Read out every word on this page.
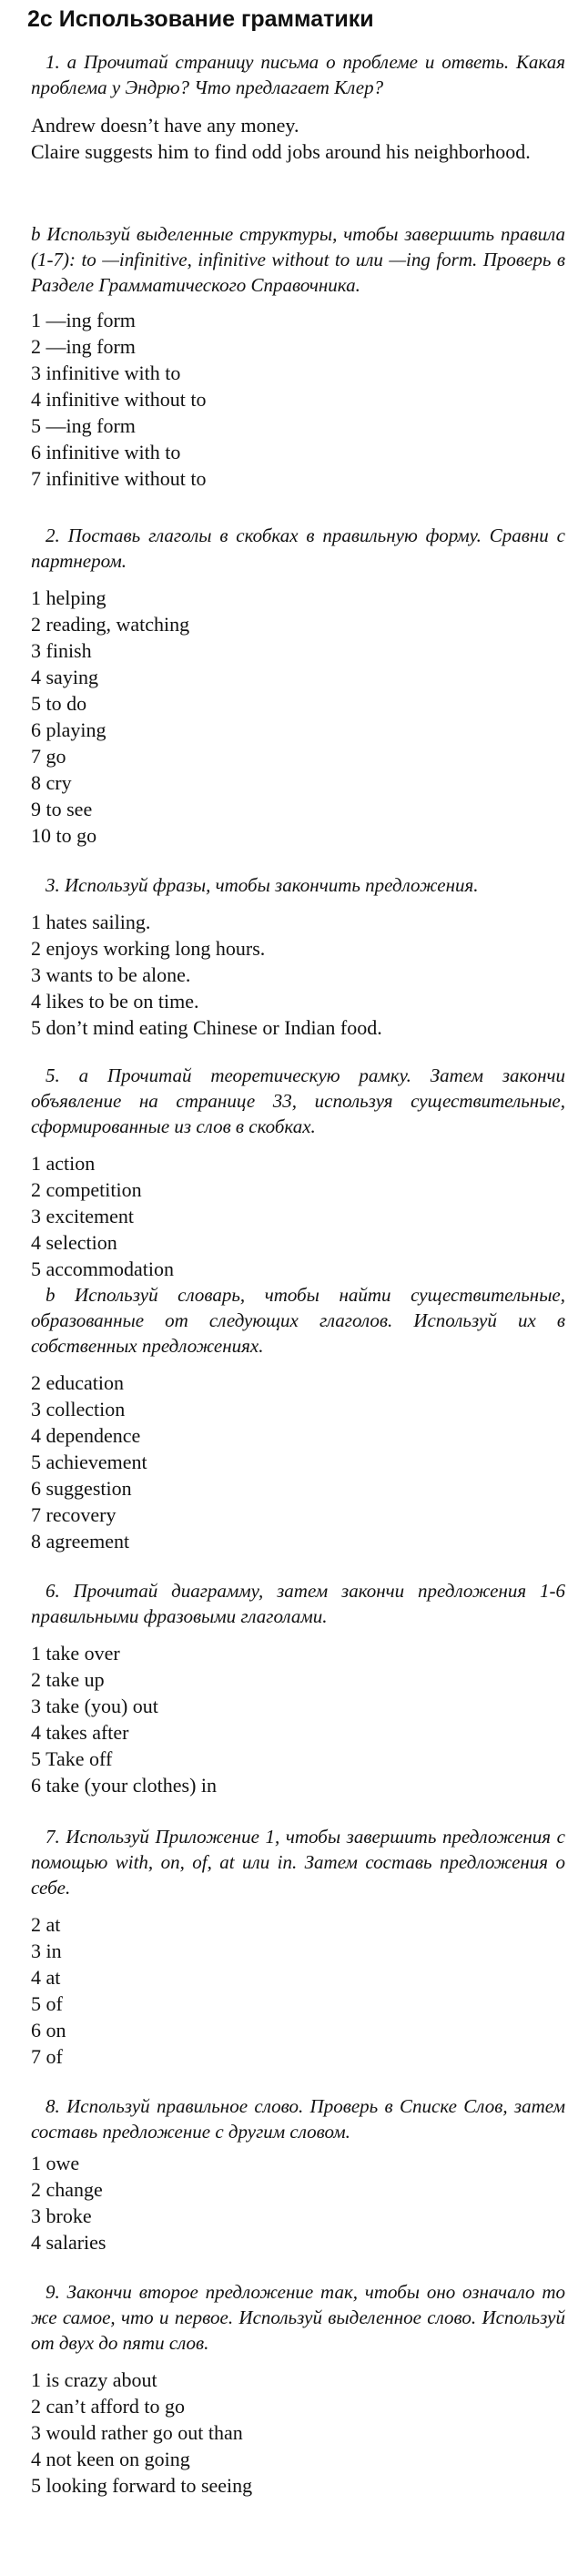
2c Использование грамматики

1. a Прочитай страницу письма о проблеме и ответь. Какая проблема у Эндрю? Что предлагает Клер?

Andrew doesn’t have any money.

Claire suggests him to find odd jobs around his neighborhood.

b Используй выделенные структуры, чтобы завершить правила (1-7): to —infinitive, infinitive without to или —ing form. Проверь в Разделе Грамматического Справочника.

1 —ing form
2 —ing form
3 infinitive with to
4 infinitive without to
5 —ing form
6 infinitive with to
7 infinitive without to

2. Поставь глаголы в скобках в правильную форму. Сравни с партнером.

1 helping
2 reading, watching
3 finish
4 saying
5 to do
6 playing
7 go
8 cry
9 to see
10 to go

3. Используй фразы, чтобы закончить предложения.

1 hates sailing.
2 enjoys working long hours.
3 wants to be alone.
4 likes to be on time.
5 don’t mind eating Chinese or Indian food.

5. a Прочитай теоретическую рамку. Затем закончи объявление на странице 33, используя существительные, сформированные из слов в скобках.

1 action
2 competition
3 excitement
4 selection
5 accommodation

b Используй словарь, чтобы найти существительные, образованные от следующих глаголов. Используй их в собственных предложениях.

2 education
3 collection
4 dependence
5 achievement
6 suggestion
7 recovery
8 agreement

6. Прочитай диаграмму, затем закончи предложения 1-6 правильными фразовыми глаголами.

1 take over
2 take up
3 take (you) out
4 takes after
5 Take off
6 take (your clothes) in

7. Используй Приложение 1, чтобы завершить предложения с помощью with, on, of, at или in. Затем составь предложения о себе.

2 at
3 in
4 at
5 of
6 on
7 of

8. Используй правильное слово. Проверь в Списке Слов, затем составь предложение с другим словом.

1 owe
2 change
3 broke
4 salaries

9. Закончи второе предложение так, чтобы оно означало то же самое, что и первое. Используй выделенное слово. Используй от двух до пяти слов.

1 is crazy about
2 can’t afford to go
3 would rather go out than
4 not keen on going
5 looking forward to seeing
